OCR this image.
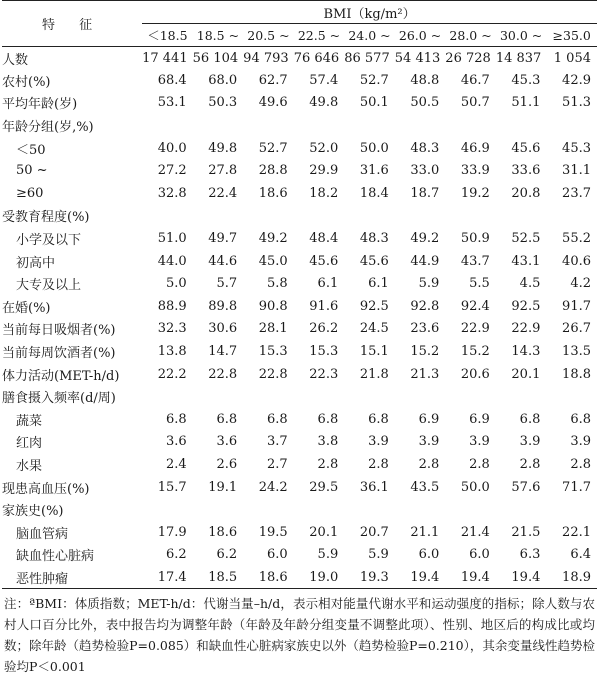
特 征	BMI（kg/m²）								
	＜18.5	18.5 ~	20.5 ~	22.5 ~	24.0 ~	26.0 ~	28.0 ~	30.0 ~	≥35.0
人数	17 441	56 104	94 793	76 646	86 577	54 413	26 728	14 837	1 054
农村(%)	68.4	68.0	62.7	57.4	52.7	48.8	46.7	45.3	42.9
平均年龄(岁)	53.1	50.3	49.6	49.8	50.1	50.5	50.7	51.1	51.3
年龄分组(岁,%)									
＜50	40.0	49.8	52.7	52.0	50.0	48.3	46.9	45.6	45.3
50 ~	27.2	27.8	28.8	29.9	31.6	33.0	33.9	33.6	31.1
≥60	32.8	22.4	18.6	18.2	18.4	18.7	19.2	20.8	23.7
受教育程度(%)									
小学及以下	51.0	49.7	49.2	48.4	48.3	49.2	50.9	52.5	55.2
初高中	44.0	44.6	45.0	45.6	45.6	44.9	43.7	43.1	40.6
大专及以上	5.0	5.7	5.8	6.1	6.1	5.9	5.5	4.5	4.2
在婚(%)	88.9	89.8	90.8	91.6	92.5	92.8	92.4	92.5	91.7
当前每日吸烟者(%)	32.3	30.6	28.1	26.2	24.5	23.6	22.9	22.9	26.7
当前每周饮酒者(%)	13.8	14.7	15.3	15.3	15.1	15.2	15.2	14.3	13.5
体力活动(MET-h/d)	22.2	22.8	22.8	22.3	21.8	21.3	20.6	20.1	18.8
膳食摄入频率(d/周)									
蔬菜	6.8	6.8	6.8	6.8	6.8	6.9	6.9	6.8	6.8
红肉	3.6	3.6	3.7	3.8	3.9	3.9	3.9	3.9	3.9
水果	2.4	2.6	2.7	2.8	2.8	2.8	2.8	2.8	2.8
现患高血压(%)	15.7	19.1	24.2	29.5	36.1	43.5	50.0	57.6	71.7
家族史(%)									
脑血管病	17.9	18.6	19.5	20.1	20.7	21.1	21.4	21.5	22.1
缺血性心脏病	6.2	6.2	6.0	5.9	5.9	6.0	6.0	6.3	6.4
恶性肿瘤	17.4	18.5	18.6	19.0	19.3	19.4	19.4	19.4	18.9
注：ªBMI：体质指数；MET-h/d：代谢当量–h/d，表示相对能量代谢水平和运动强度的指标；除人数与农村人口百分比外，表中报告均为调整年龄（年龄及年龄分组变量不调整此项）、性别、地区后的构成比或均数；除年龄（趋势检验P=0.085）和缺血性心脏病家族史以外（趋势检验P=0.210），其余变量线性趋势检验均P＜0.001
